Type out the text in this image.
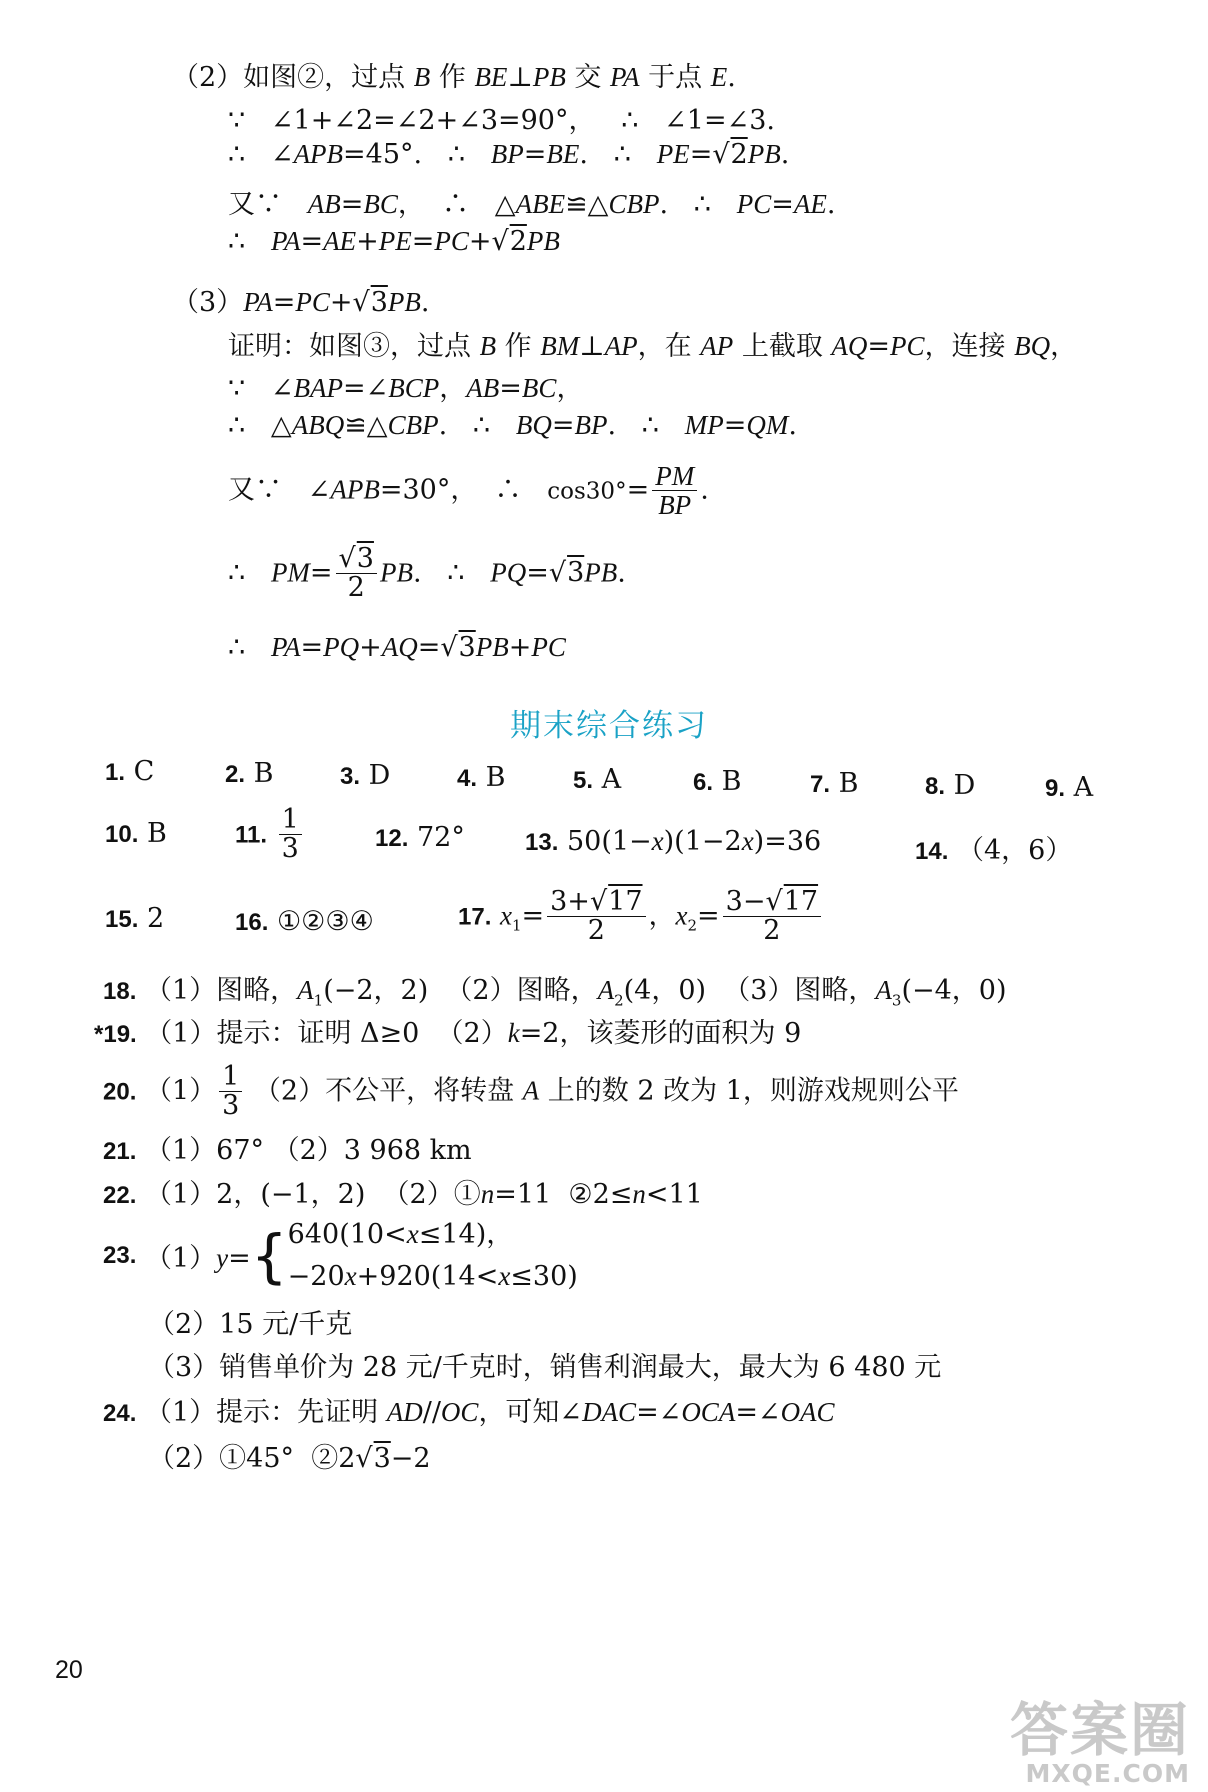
（2）如图②，过点 B 作 BE⊥PB 交 PA 于点 E.
∵   ∠1+∠2=∠2+∠3=90°，   ∴   ∠1=∠3.
∴   ∠APB=45°.   ∴   BP=BE.   ∴   PE=√2PB.
又∵   AB=BC，  ∴   △ABE≌△CBP.   ∴   PC=AE.
∴   PA=AE+PE=PC+√2PB
（3）PA=PC+√3PB.
证明：如图③，过点 B 作 BM⊥AP，在 AP 上截取 AQ=PC，连接 BQ，
∵   ∠BAP=∠BCP，AB=BC，
∴   △ABQ≌△CBP.   ∴   BQ=BP.   ∴   MP=QM.
又∵   ∠APB=30°，  ∴   $\cos 30^\circ= \frac{PM}{BP}$ .
∴   $PM= \frac{√3}{2}$ PB.   ∴   PQ=√3PB.
∴   PA=PQ+AQ=√3PB+PC
期末综合练习
1. C	2. B	3. D	4. B	5. A	6. B	7. B	8. D	9. A
10. B	11. $\frac{1}{3}$	12. 72°	13. 50(1−x)(1−2x)=36	14. （4，6）
15. 2	16. ①②③④	17. $x_1= \frac{3+√17}{2}$ ，$x_2= \frac{3-√17}{2}$
18. （1）图略，$A_1(-2$，2)  （2）图略，$A_2(4$，0)  （3）图略，$A_3(-4$，0)
*19. （1）提示：证明 Δ≥0  （2）k=2，该菱形的面积为 9
20. $(1) \frac{1}{3} (2)$不公平，将转盘 A 上的数 2 改为 1，则游戏规则公平
21. （1）67° （2）3 968 km
22. （1）2，(−1，2)  （2）①n=11  ②2≤n<11
23. （1）y={640(10<x≤14)，
−20x+920(14<x≤30)
（2）15 元/千克
（3）销售单价为 28 元/千克时，销售利润最大，最大为 6 480 元
24. （1）提示：先证明 AD//OC，可知∠DAC=∠OCA=∠OAC
（2）①45°  ②2√3−2
20
答案圈
MXQE.COM
